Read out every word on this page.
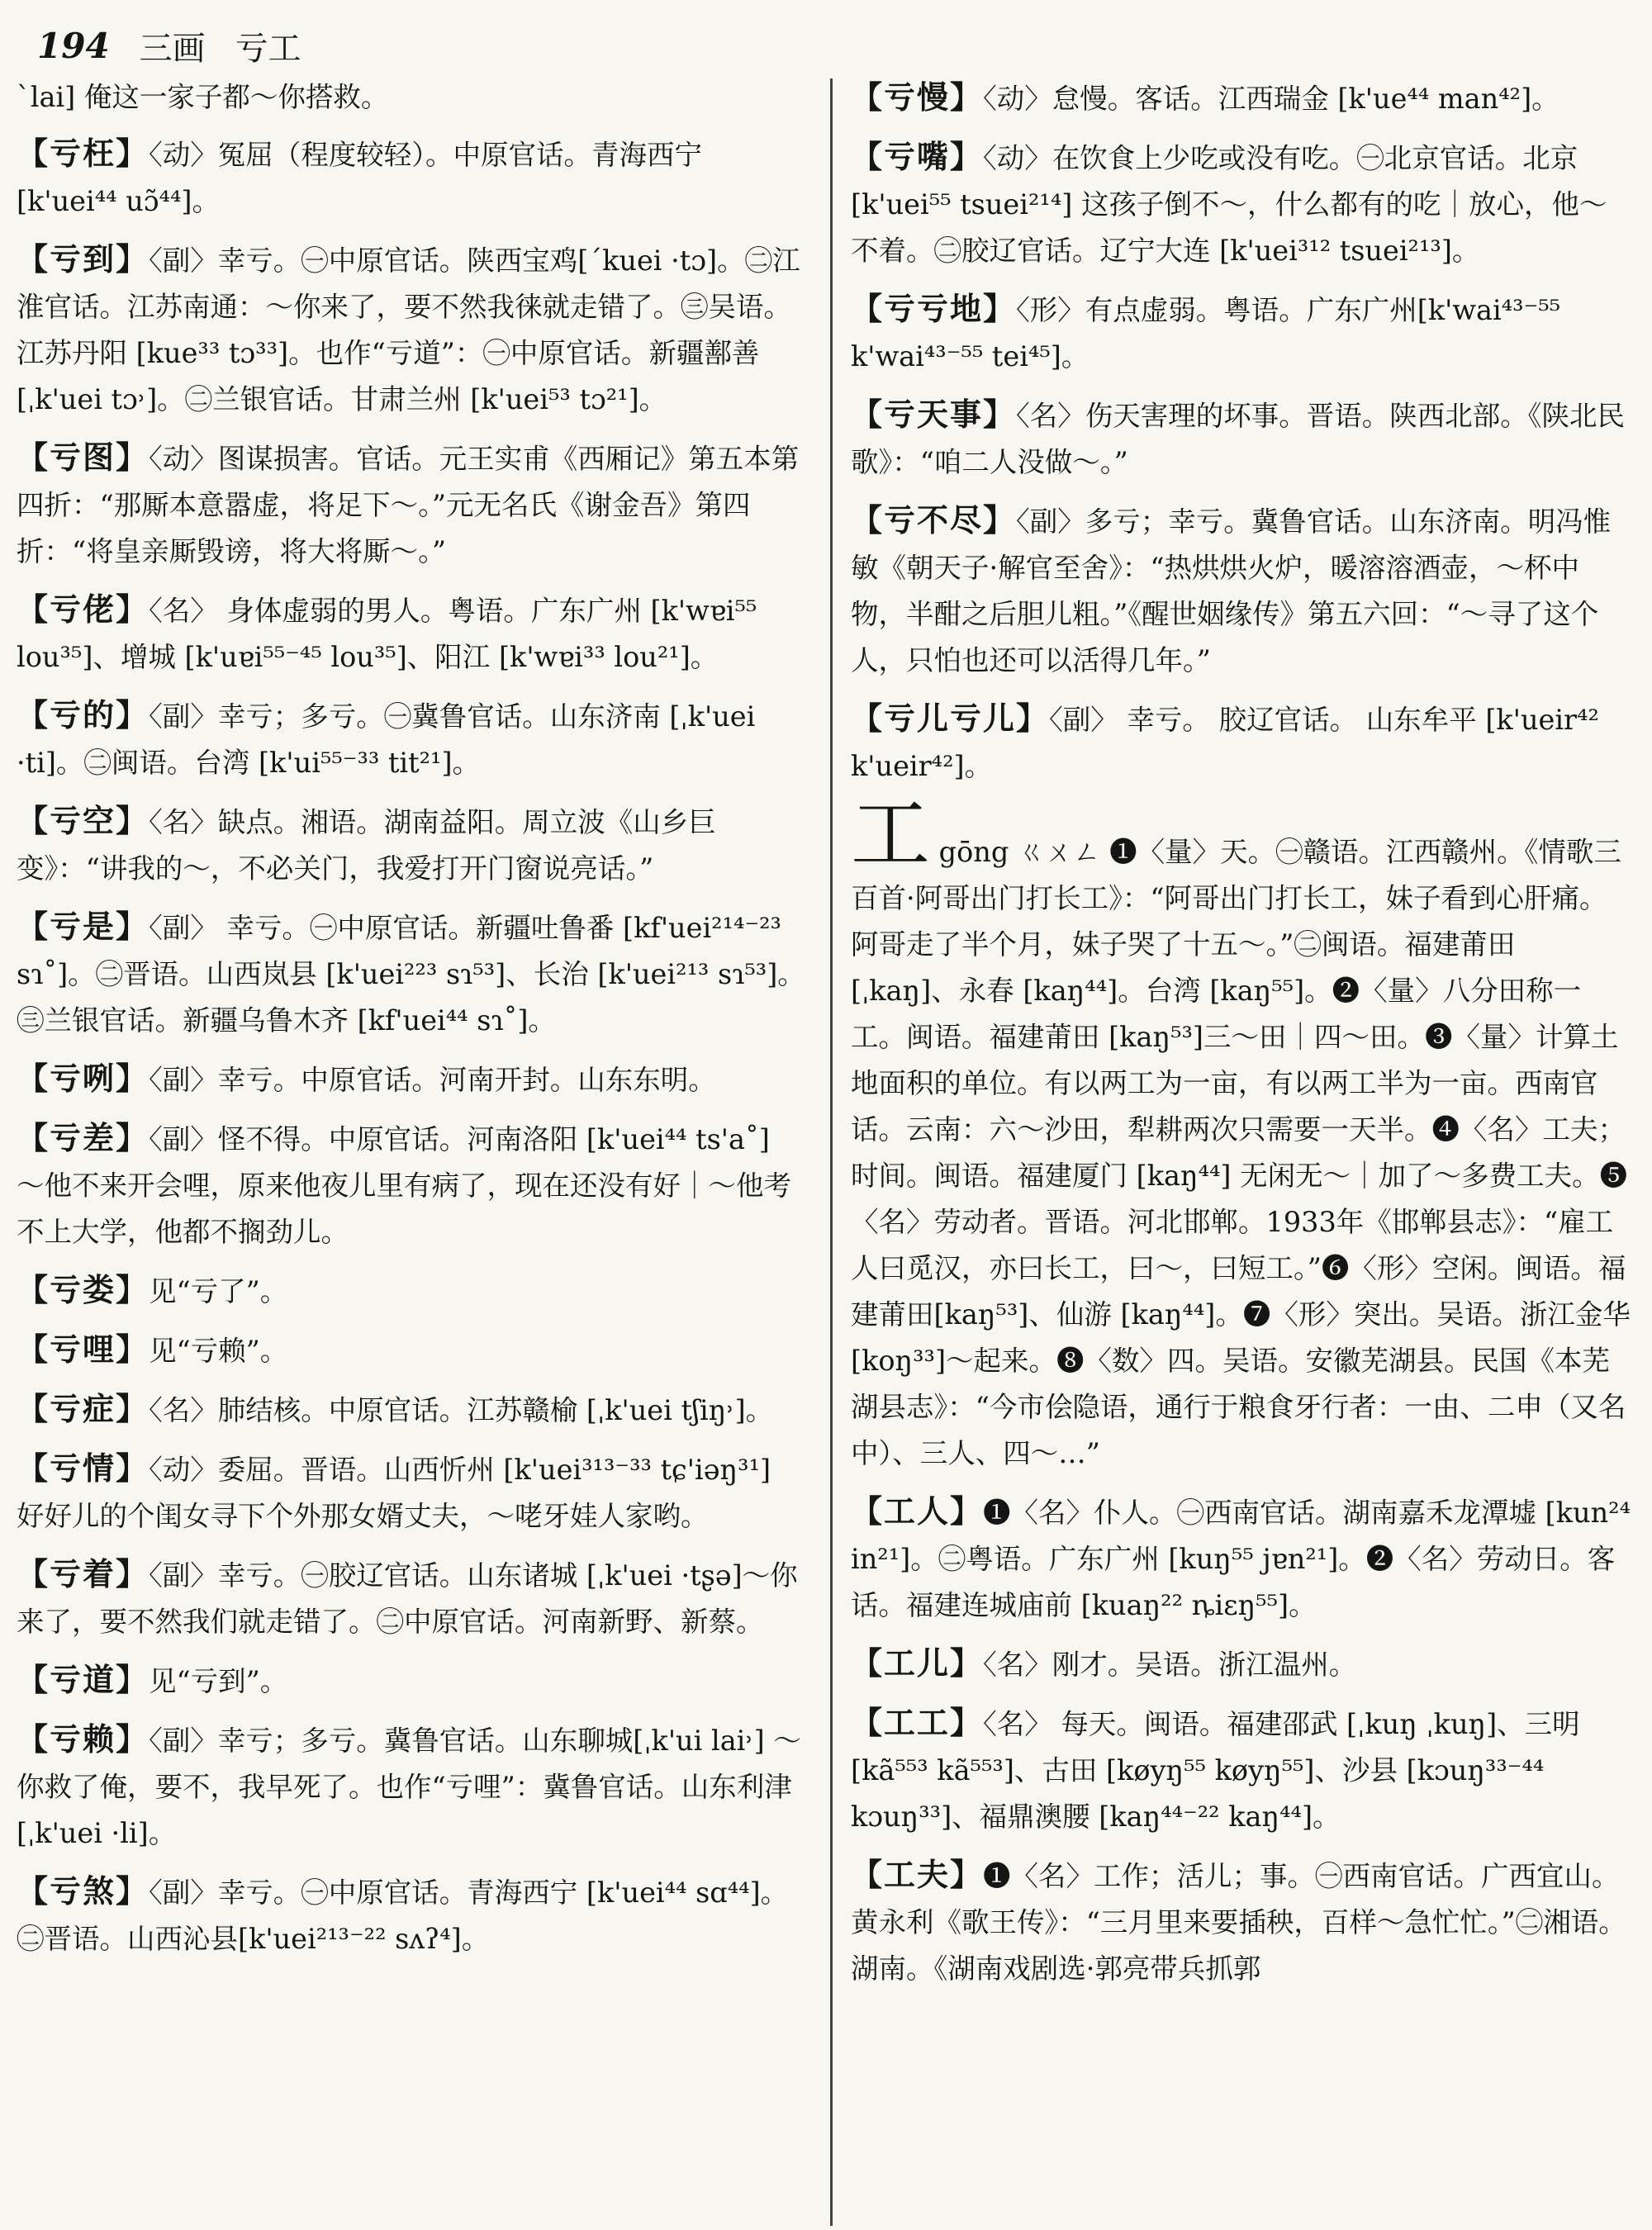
194 三画 亏工
ˋlai] 俺这一家子都～你搭救。
【亏枉】〈动〉冤屈（程度较轻）。中原官话。青海西宁 [k'uei⁴⁴ uɔ̃⁴⁴]。
【亏到】〈副〉幸亏。㊀中原官话。陕西宝鸡[ˊkuei ·tɔ]。㊁江淮官话。江苏南通：～你来了，要不然我徕就走错了。㊂吴语。江苏丹阳 [kue³³ tɔ³³]。也作“亏道”：㊀中原官话。新疆鄯善 [ˌk'uei tɔ˒]。㊁兰银官话。甘肃兰州 [k'uei⁵³ tɔ²¹]。
【亏图】〈动〉图谋损害。官话。元王实甫《西厢记》第五本第四折：“那厮本意嚣虚，将足下～。”元无名氏《谢金吾》第四折：“将皇亲厮毁谤，将大将厮～。”
【亏佬】〈名〉 身体虚弱的男人。粤语。广东广州 [k'wɐi⁵⁵ lou³⁵]、增城 [k'uɐi⁵⁵⁻⁴⁵ lou³⁵]、阳江 [k'wɐi³³ lou²¹]。
【亏的】〈副〉幸亏；多亏。㊀冀鲁官话。山东济南 [ˌk'uei ·ti]。㊁闽语。台湾 [k'ui⁵⁵⁻³³ tit²¹]。
【亏空】〈名〉缺点。湘语。湖南益阳。周立波《山乡巨变》：“讲我的～，不必关门，我爱打开门窗说亮话。”
【亏是】〈副〉 幸亏。㊀中原官话。新疆吐鲁番 [kf'uei²¹⁴⁻²³ sɿ˚]。㊁晋语。山西岚县 [k'uei²²³ sɿ⁵³]、长治 [k'uei²¹³ sɿ⁵³]。㊂兰银官话。新疆乌鲁木齐 [kf'uei⁴⁴ sɿ˚]。
【亏咧】〈副〉幸亏。中原官话。河南开封。山东东明。
【亏差】〈副〉怪不得。中原官话。河南洛阳 [k'uei⁴⁴ ts'a˚] ～他不来开会哩，原来他夜儿里有病了，现在还没有好｜～他考不上大学，他都不搁劲儿。
【亏娄】见“亏了”。
【亏哩】见“亏赖”。
【亏症】〈名〉肺结核。中原官话。江苏赣榆 [ˌk'uei tʃiŋ˒]。
【亏情】〈动〉委屈。晋语。山西忻州 [k'uei³¹³⁻³³ tɕ'iəŋ³¹] 好好儿的个闺女寻下个外那女婿丈夫，～咾牙娃人家哟。
【亏着】〈副〉幸亏。㊀胶辽官话。山东诸城 [ˌk'uei ·tʂə]～你来了，要不然我们就走错了。㊁中原官话。河南新野、新蔡。
【亏道】见“亏到”。
【亏赖】〈副〉幸亏；多亏。冀鲁官话。山东聊城[ˌk'ui lai˒] ～你救了俺，要不，我早死了。也作“亏哩”：冀鲁官话。山东利津[ˌk'uei ·li]。
【亏煞】〈副〉幸亏。㊀中原官话。青海西宁 [k'uei⁴⁴ sɑ⁴⁴]。㊁晋语。山西沁县[k'uei²¹³⁻²² sʌʔ⁴]。
【亏慢】〈动〉怠慢。客话。江西瑞金 [k'ue⁴⁴ man⁴²]。
【亏嘴】〈动〉在饮食上少吃或没有吃。㊀北京官话。北京 [k'uei⁵⁵ tsuei²¹⁴] 这孩子倒不～，什么都有的吃｜放心，他～不着。㊁胶辽官话。辽宁大连 [k'uei³¹² tsuei²¹³]。
【亏亏地】〈形〉有点虚弱。粤语。广东广州[k'wai⁴³⁻⁵⁵ k'wai⁴³⁻⁵⁵ tei⁴⁵]。
【亏天事】〈名〉伤天害理的坏事。晋语。陕西北部。《陕北民歌》：“咱二人没做～。”
【亏不尽】〈副〉多亏；幸亏。冀鲁官话。山东济南。明冯惟敏《朝天子·解官至舍》：“热烘烘火炉，暖溶溶酒壶，～杯中物，半酣之后胆儿粗。”《醒世姻缘传》第五六回：“～寻了这个人，只怕也还可以活得几年。”
【亏儿亏儿】〈副〉 幸亏。 胶辽官话。 山东牟平 [k'ueir⁴² k'ueir⁴²]。
工 gōng ㄍㄨㄥ ❶〈量〉天。㊀赣语。江西赣州。《情歌三百首·阿哥出门打长工》：“阿哥出门打长工，妹子看到心肝痛。阿哥走了半个月，妹子哭了十五～。”㊁闽语。福建莆田 [ˌkaŋ]、永春 [kaŋ⁴⁴]。台湾 [kaŋ⁵⁵]。❷〈量〉八分田称一工。闽语。福建莆田 [kaŋ⁵³]三～田｜四～田。❸〈量〉计算土地面积的单位。有以两工为一亩，有以两工半为一亩。西南官话。云南：六～沙田，犁耕两次只需要一天半。❹〈名〉工夫；时间。闽语。福建厦门 [kaŋ⁴⁴] 无闲无～｜加了～多费工夫。❺〈名〉劳动者。晋语。河北邯郸。1933年《邯郸县志》：“雇工人曰觅汉，亦曰长工，曰～，曰短工。”❻〈形〉空闲。闽语。福建莆田[kaŋ⁵³]、仙游 [kaŋ⁴⁴]。❼〈形〉突出。吴语。浙江金华[koŋ³³]～起来。❽〈数〉四。吴语。安徽芜湖县。民国《本芜湖县志》：“今市侩隐语，通行于粮食牙行者：一由、二申（又名中）、三人、四～…”
【工人】❶〈名〉仆人。㊀西南官话。湖南嘉禾龙潭墟 [kun²⁴ in²¹]。㊁粤语。广东广州 [kuŋ⁵⁵ jɐn²¹]。❷〈名〉劳动日。客话。福建连城庙前 [kuaŋ²² ȵiɛŋ⁵⁵]。
【工儿】〈名〉刚才。吴语。浙江温州。
【工工】〈名〉 每天。闽语。福建邵武 [ˌkuŋ ˌkuŋ]、三明 [kã⁵⁵³ kã⁵⁵³]、古田 [køyŋ⁵⁵ køyŋ⁵⁵]、沙县 [kɔuŋ³³⁻⁴⁴ kɔuŋ³³]、福鼎澳腰 [kaŋ⁴⁴⁻²² kaŋ⁴⁴]。
【工夫】❶〈名〉工作；活儿；事。㊀西南官话。广西宜山。黄永利《歌王传》：“三月里来要插秧，百样～急忙忙。”㊁湘语。湖南。《湖南戏剧选·郭亮带兵抓郭
